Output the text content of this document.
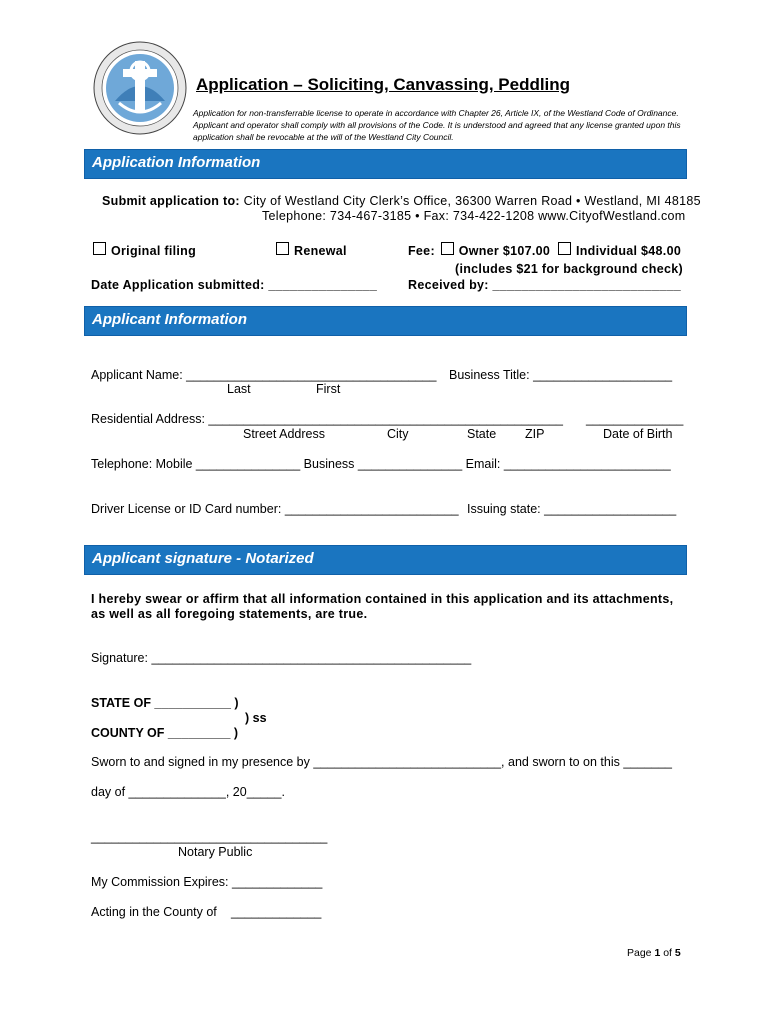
Application – Soliciting, Canvassing, Peddling
Application for non-transferrable license to operate in accordance with Chapter 26, Article IX, of the Westland Code of Ordinance. Applicant and operator shall comply with all provisions of the Code. It is understood and agreed that any license granted upon this application shall be revocable at the will of the Westland City Council.
Application Information
Submit application to: City of Westland City Clerk’s Office, 36300 Warren Road • Westland, MI 48185
Telephone: 734-467-3185 • Fax: 734-422-1208 www.CityofWestland.com
Original filing	Renewal	Fee: Owner $107.00 Individual $48.00
(includes $21 for background check)
Date Application submitted: _______________ Received by: __________________________
Applicant Information
Applicant Name: ____________________________________ Business Title: ____________________
Last	First
Residential Address: ___________________________________________________ ______________
Street Address	City	State ZIP	Date of Birth
Telephone: Mobile _______________ Business _______________ Email: ________________________
Driver License or ID Card number: _________________________ Issuing state: ___________________
Applicant signature - Notarized
I hereby swear or affirm that all information contained in this application and its attachments, as well as all foregoing statements, are true.
Signature: ______________________________________________
STATE OF ___________ )
) ss
COUNTY OF _________ )
Sworn to and signed in my presence by ___________________________, and sworn to on this _______
day of ______________, 20_____.
__________________________________
Notary Public
My Commission Expires: _____________
Acting in the County of _____________
Page 1 of 5
